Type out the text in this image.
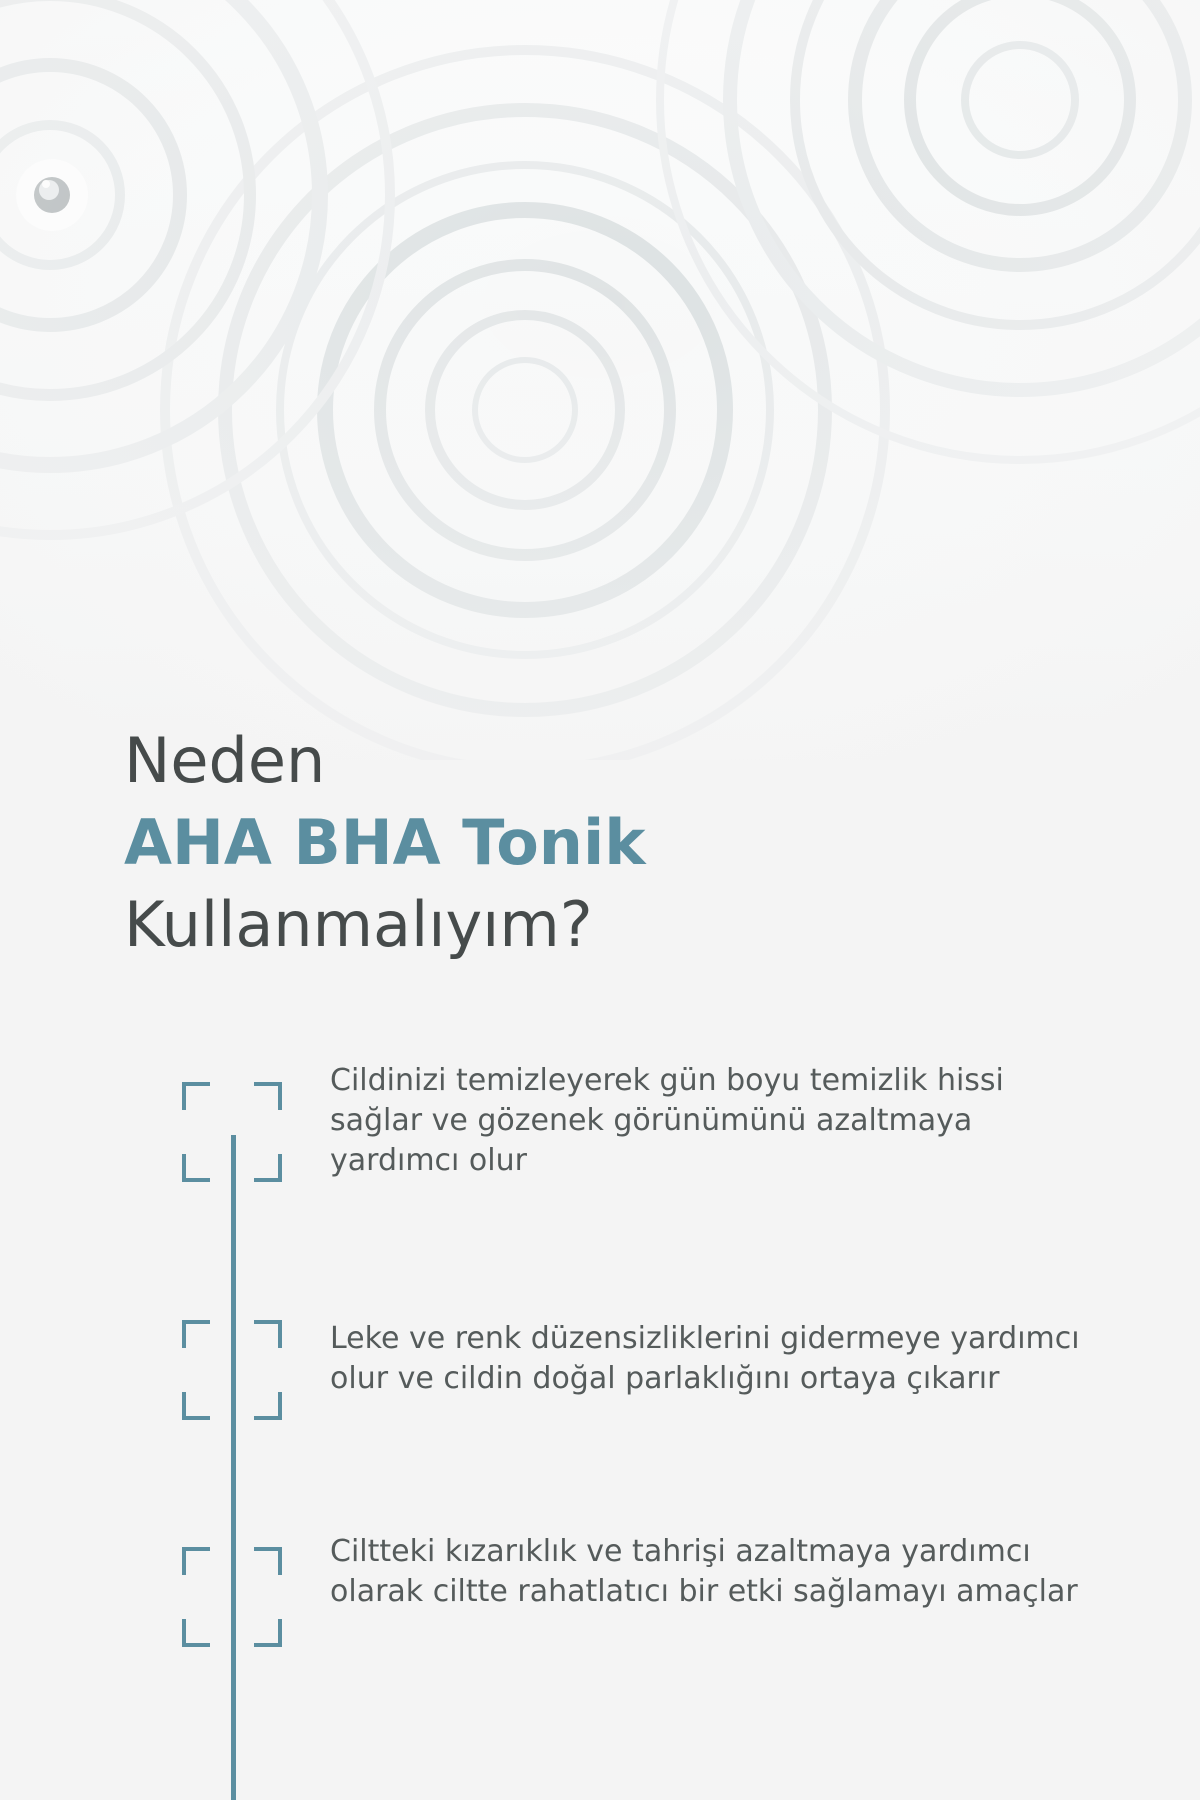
Neden
AHA BHA Tonik
Kullanmalıyım?
Cildinizi temizleyerek gün boyu temizlik hissi sağlar ve gözenek görünümünü azaltmaya yardımcı olur
Leke ve renk düzensizliklerini gidermeye yardımcı olur ve cildin doğal parlaklığını ortaya çıkarır
Ciltteki kızarıklık ve tahrişi azaltmaya yardımcı olarak ciltte rahatlatıcı bir etki sağlamayı amaçlar
